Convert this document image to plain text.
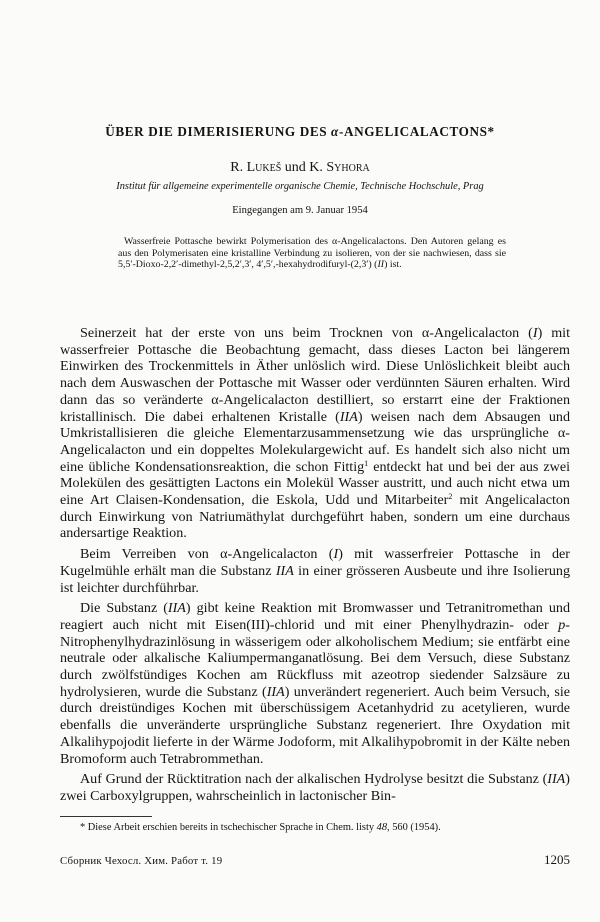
ÜBER DIE DIMERISIERUNG DES α-ANGELICALACTONS*
R. Lukeš und K. Syhora
Institut für allgemeine experimentelle organische Chemie, Technische Hochschule, Prag
Eingegangen am 9. Januar 1954
Wasserfreie Pottasche bewirkt Polymerisation des α-Angelicalactons. Den Autoren gelang es aus den Polymerisaten eine kristalline Verbindung zu isolieren, von der sie nachwiesen, dass sie 5,5′-Dioxo-2,2′-dimethyl-2,5,2′,3′, 4′,5′,-hexahydrodifuryl-(2,3′) (II) ist.

Seinerzeit hat der erste von uns beim Trocknen von α-Angelicalacton (I) mit wasserfreier Pottasche die Beobachtung gemacht, dass dieses Lacton bei längerem Einwirken des Trockenmittels in Äther unlöslich wird. Diese Unlöslichkeit bleibt auch nach dem Auswaschen der Pottasche mit Wasser oder verdünnten Säuren erhalten. Wird dann das so veränderte α-Angelicalacton destilliert, so erstarrt eine der Fraktionen kristallinisch. Die dabei erhaltenen Kristalle (IIA) weisen nach dem Absaugen und Umkristallisieren die gleiche Elementarzusammensetzung wie das ursprüngliche α-Angelicalacton und ein doppeltes Molekulargewicht auf. Es handelt sich also nicht um eine übliche Kondensationsreaktion, die schon Fittig$^1$ entdeckt hat und bei der aus zwei Molekülen des gesättigten Lactons ein Molekül Wasser austritt, und auch nicht etwa um eine Art Claisen-Kondensation, die Eskola, Udd und Mitarbeiter$^2$ mit Angelicalacton durch Einwirkung von Natriumäthylat durchgeführt haben, sondern um eine durchaus andersartige Reaktion.

Beim Verreiben von α-Angelicalacton (I) mit wasserfreier Pottasche in der Kugelmühle erhält man die Substanz IIA in einer grösseren Ausbeute und ihre Isolierung ist leichter durchführbar.

Die Substanz (IIA) gibt keine Reaktion mit Bromwasser und Tetranitromethan und reagiert auch nicht mit Eisen(III)-chlorid und mit einer Phenylhydrazin- oder p-Nitrophenylhydrazinlösung in wässerigem oder alkoholischem Medium; sie entfärbt eine neutrale oder alkalische Kaliumpermanganatlösung. Bei dem Versuch, diese Substanz durch zwölfstündiges Kochen am Rückfluss mit azeotrop siedender Salzsäure zu hydrolysieren, wurde die Substanz (IIA) unverändert regeneriert. Auch beim Versuch, sie durch dreistündiges Kochen mit überschüssigem Acetanhydrid zu acetylieren, wurde ebenfalls die unveränderte ursprüngliche Substanz regeneriert. Ihre Oxydation mit Alkalihypojodit lieferte in der Wärme Jodoform, mit Alkalihypobromit in der Kälte neben Bromoform auch Tetrabrommethan.

Auf Grund der Rücktitration nach der alkalischen Hydrolyse besitzt die Substanz (IIA) zwei Carboxylgruppen, wahrscheinlich in lactonischer Bin-

* Diese Arbeit erschien bereits in tschechischer Sprache in Chem. listy 48, 560 (1954).
Сборник Чехосл. Хим. Работ т. 19	1205
